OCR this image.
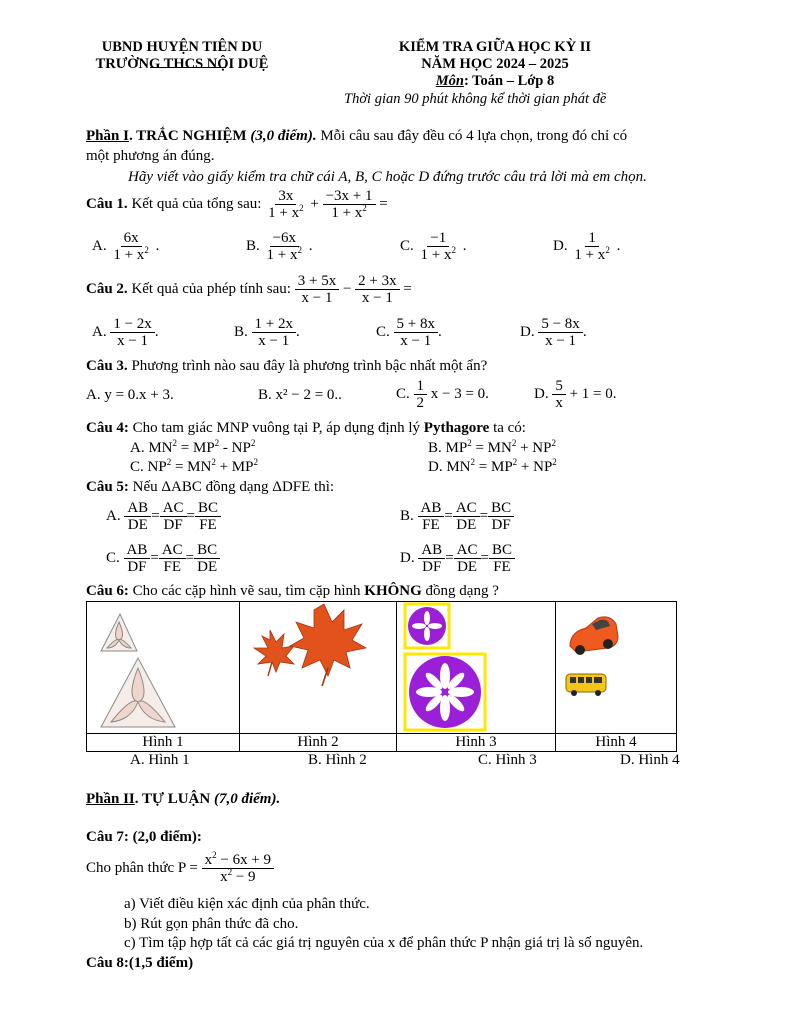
UBND HUYỆN TIÊN DU
TRƯỜNG THCS NỘI DUỆ
KIỂM TRA GIỮA HỌC KỲ II
NĂM HỌC 2024 – 2025
Môn: Toán – Lớp 8
Thời gian 90 phút không kể thời gian phát đề
Phần I. TRẮC NGHIỆM (3,0 điểm). Mỗi câu sau đây đều có 4 lựa chọn, trong đó chỉ có
một phương án đúng.
Hãy viết vào giấy kiểm tra chữ cái A, B, C hoặc D đứng trước câu trả lời mà em chọn.
Câu 1. Kết quả của tổng sau: $\frac{3x}{1 + x^2} + \frac{-3x + 1}{1 + x^2}$ =
A. $\frac{6x}{1 + x^2}$ .	B. $\frac{-6x}{1 + x^2}$ .	C. $\frac{-1}{1 + x^2}$ .	D. $\frac{1}{1 + x^2}$ .
Câu 2. Kết quả của phép tính sau: $\frac{3 + 5x}{x - 1} - \frac{2 + 3x}{x - 1}$ =
A. $\frac{1 - 2x}{x - 1}$ .	B. $\frac{1 + 2x}{x - 1}$ .	C. $\frac{5 + 8x}{x - 1}$ .	D. $\frac{5 - 8x}{x - 1}$ .
Câu 3. Phương trình nào sau đây là phương trình bậc nhất một ẩn?
A. y = 0.x + 3.	B. x² − 2 = 0..	C. $\frac{1}{2}$ x − 3 = 0.	D. $\frac{5}{x} + 1 = 0$.
Câu 4: Cho tam giác MNP vuông tại P, áp dụng định lý Pythagore ta có:
A. $MN^2 = MP^2 - NP^2$	B. $MP^2 = MN^2 + NP^2$
C. $NP^2 = MN^2 + MP^2$	D. $MN^2 = MP^2 + NP^2$
Câu 5: Nếu ΔABC đồng dạng ΔDFE thì:
A. $\frac{AB}{DE} = \frac{AC}{DF} = \frac{BC}{FE}$	B. $\frac{AB}{FE} = \frac{AC}{DE} = \frac{BC}{DF}$
C. $\frac{AB}{DF} = \frac{AC}{FE} = \frac{BC}{DE}$	D. $\frac{AB}{DF} = \frac{AC}{DE} = \frac{BC}{FE}$
Câu 6: Cho các cặp hình vẽ sau, tìm cặp hình KHÔNG đồng dạng ?

Hình 1	Hình 2	Hình 3	Hình 4
A. Hình 1	B. Hình 2	C. Hình 3	D. Hình 4
Phần II. TỰ LUẬN (7,0 điểm).
Câu 7: (2,0 điểm):
Cho phân thức $P = \frac{x^2 - 6x + 9}{x^2 - 9}$
a) Viết điều kiện xác định của phân thức.
b) Rút gọn phân thức đã cho.
c) Tìm tập hợp tất cả các giá trị nguyên của x để phân thức P nhận giá trị là số nguyên.
Câu 8:(1,5 điểm)
